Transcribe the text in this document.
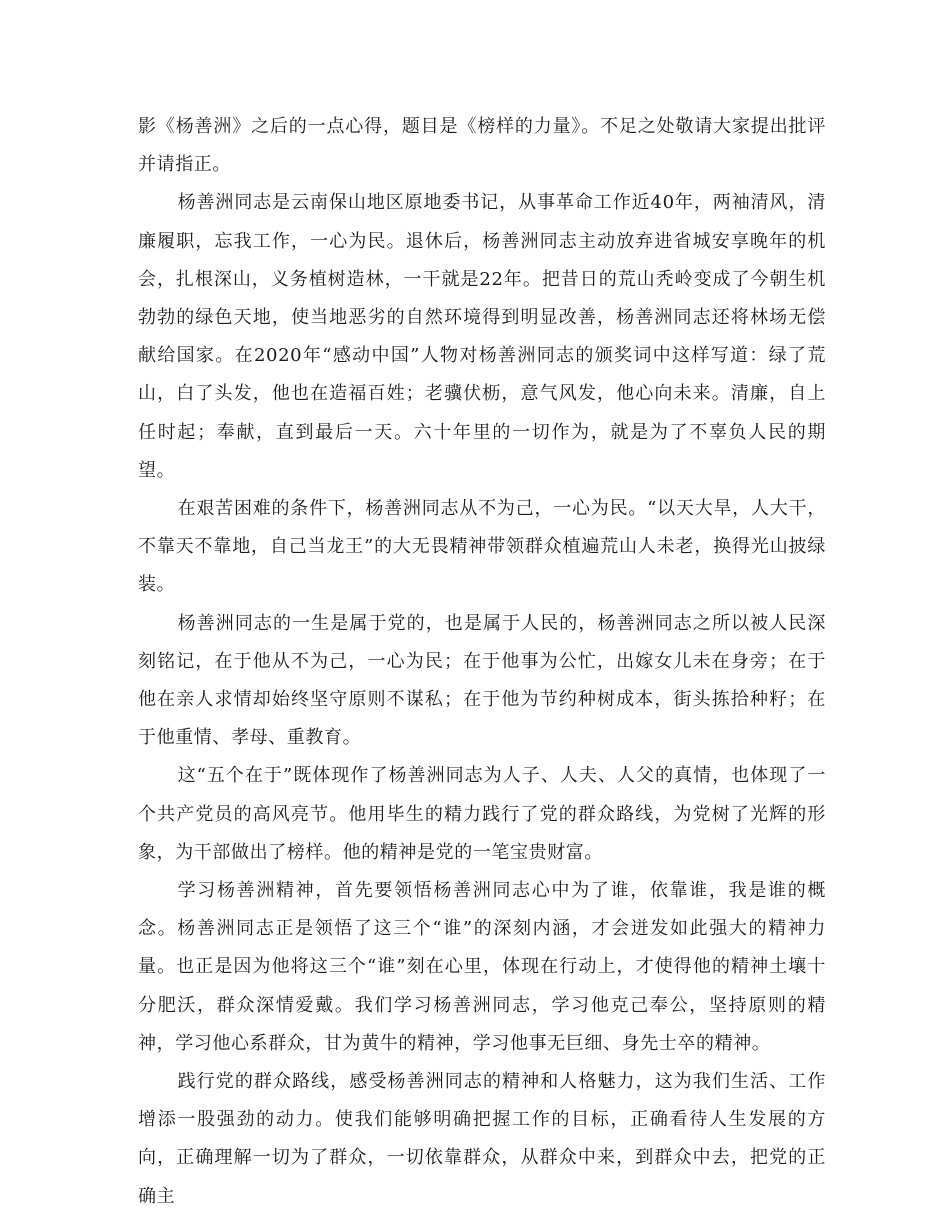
影《杨善洲》之后的一点心得，题目是《榜样的力量》。不足之处敬请大家提出批评并请指正。

杨善洲同志是云南保山地区原地委书记，从事革命工作近40年，两袖清风，清廉履职，忘我工作，一心为民。退休后，杨善洲同志主动放弃进省城安享晚年的机会，扎根深山，义务植树造林，一干就是22年。把昔日的荒山秃岭变成了今朝生机勃勃的绿色天地，使当地恶劣的自然环境得到明显改善，杨善洲同志还将林场无偿献给国家。在2020年“感动中国”人物对杨善洲同志的颁奖词中这样写道：绿了荒山，白了头发，他也在造福百姓；老骥伏枥，意气风发，他心向未来。清廉，自上任时起；奉献，直到最后一天。六十年里的一切作为，就是为了不辜负人民的期望。

在艰苦困难的条件下，杨善洲同志从不为己，一心为民。“以天大旱，人大干，不靠天不靠地，自己当龙王”的大无畏精神带领群众植遍荒山人未老，换得光山披绿装。

杨善洲同志的一生是属于党的，也是属于人民的，杨善洲同志之所以被人民深刻铭记，在于他从不为己，一心为民；在于他事为公忙，出嫁女儿未在身旁；在于他在亲人求情却始终坚守原则不谋私；在于他为节约种树成本，街头拣拾种籽；在于他重情、孝母、重教育。

这“五个在于”既体现作了杨善洲同志为人子、人夫、人父的真情，也体现了一个共产党员的高风亮节。他用毕生的精力践行了党的群众路线，为党树了光辉的形象，为干部做出了榜样。他的精神是党的一笔宝贵财富。

学习杨善洲精神，首先要领悟杨善洲同志心中为了谁，依靠谁，我是谁的概念。杨善洲同志正是领悟了这三个“谁”的深刻内涵，才会迸发如此强大的精神力量。也正是因为他将这三个“谁”刻在心里，体现在行动上，才使得他的精神土壤十分肥沃，群众深情爱戴。我们学习杨善洲同志，学习他克己奉公，坚持原则的精神，学习他心系群众，甘为黄牛的精神，学习他事无巨细、身先士卒的精神。

践行党的群众路线，感受杨善洲同志的精神和人格魅力，这为我们生活、工作增添一股强劲的动力。使我们能够明确把握工作的目标，正确看待人生发展的方向，正确理解一切为了群众，一切依靠群众，从群众中来，到群众中去，把党的正确主
